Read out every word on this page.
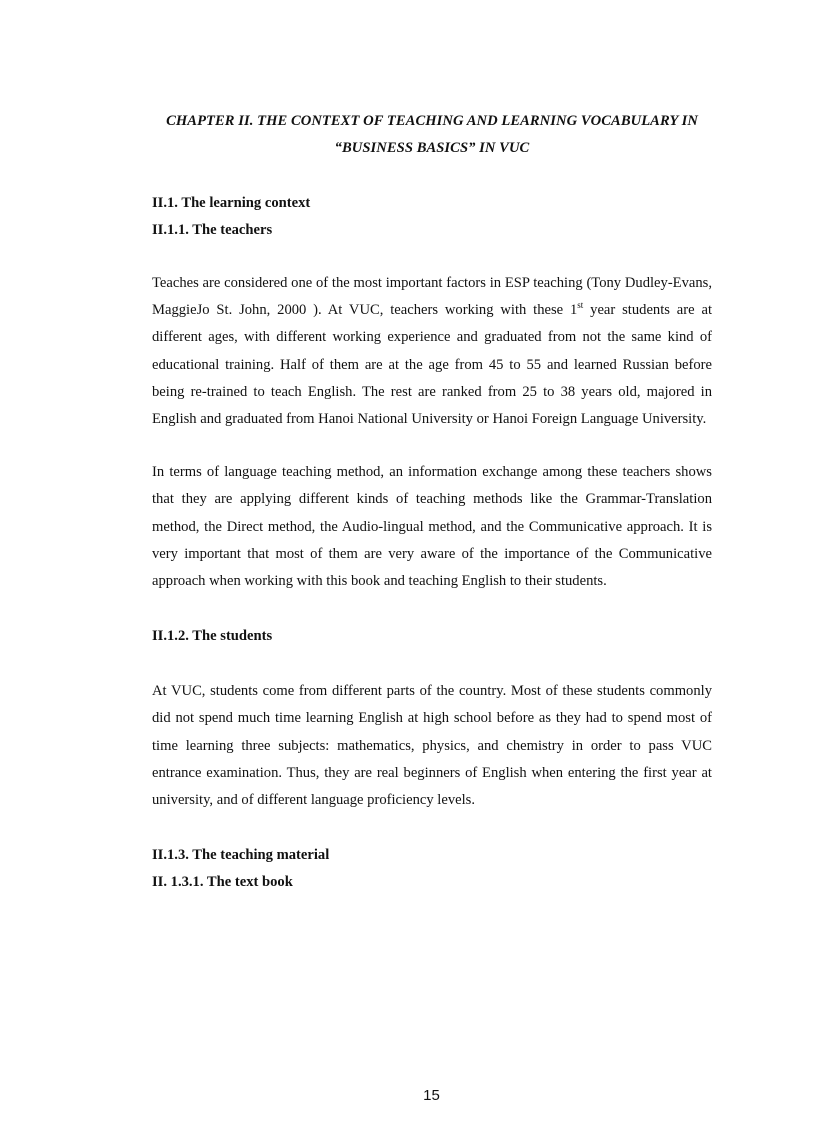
CHAPTER II. THE CONTEXT OF TEACHING AND LEARNING VOCABULARY IN

“BUSINESS BASICS” IN VUC

II.1. The learning context

II.1.1. The teachers

Teaches are considered one of the most important factors in ESP teaching (Tony Dudley-Evans, MaggieJo St. John, 2000 ). At VUC, teachers working with these 1st year students are at different ages, with different working experience and graduated from not the same kind of educational training. Half of them are at the age from 45 to 55 and learned Russian before being re-trained to teach English. The rest are ranked from 25 to 38 years old, majored in English and graduated from Hanoi National University or Hanoi Foreign Language University.

In terms of language teaching method, an information exchange among these teachers shows that they are applying different kinds of teaching methods like the Grammar-Translation method, the Direct method, the Audio-lingual method, and the Communicative approach. It is very important that most of them are very aware of the importance of the Communicative approach when working with this book and teaching English to their students.

II.1.2. The students

At VUC, students come from different parts of the country. Most of these students commonly did not spend much time learning English at high school before as they had to spend most of time learning three subjects: mathematics, physics, and chemistry in order to pass VUC entrance examination. Thus, they are real beginners of English when entering the first year at university, and of different language proficiency levels.

II.1.3. The teaching material

II. 1.3.1. The text book

15
